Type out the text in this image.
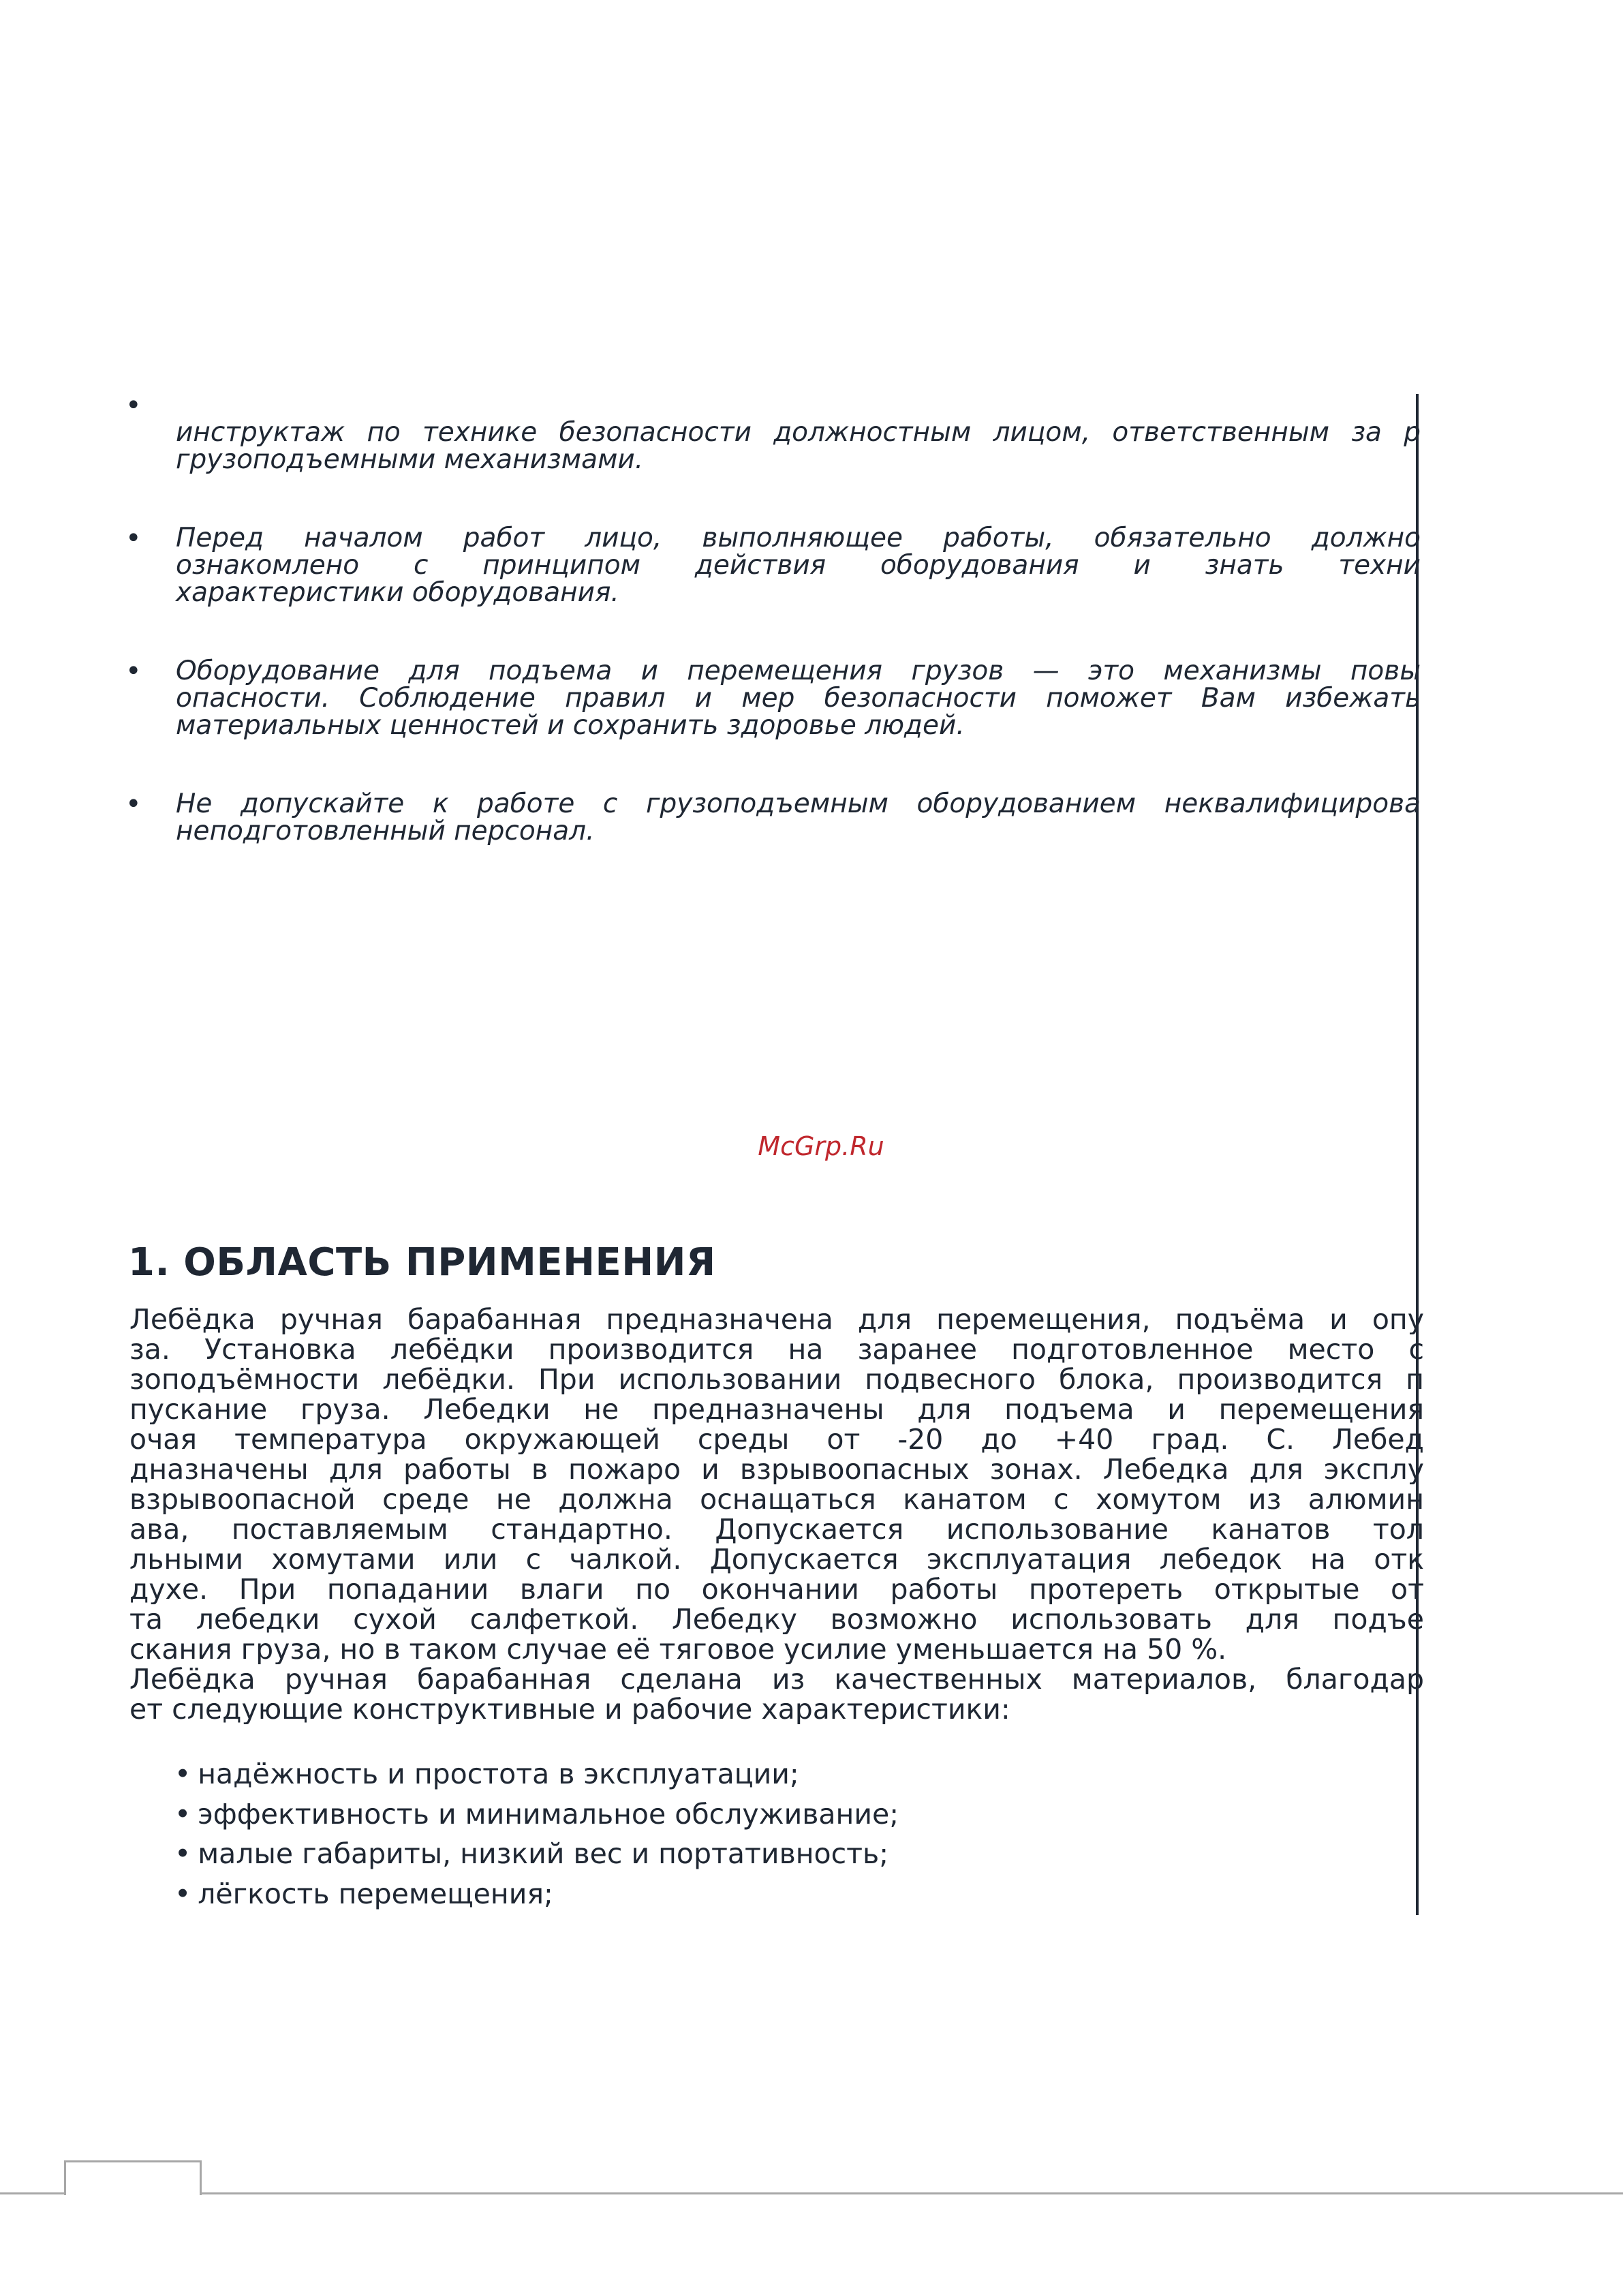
•
инструктаж по технике безопасности должностным лицом, ответственным за р
грузоподъемными механизмами.
• Перед началом работ лицо, выполняющее работы, обязательно должно
ознакомлено с принципом действия оборудования и знать техни
характеристики оборудования.
• Оборудование для подъема и перемещения грузов — это механизмы повы
опасности. Соблюдение правил и мер безопасности поможет Вам избежать
материальных ценностей и сохранить здоровье людей.
• Не допускайте к работе с грузоподъемным оборудованием неквалифицирова
неподготовленный персонал.
McGrp.Ru
1. ОБЛАСТЬ ПРИМЕНЕНИЯ
Лебёдка ручная барабанная предназначена для перемещения, подъёма и опу
за. Установка лебёдки производится на заранее подготовленное место с
зоподъёмности лебёдки. При использовании подвесного блока, производится п
пускание груза. Лебедки не предназначены для подъема и перемещения
очая температура окружающей среды от -20 до +40 град. С. Лебед
дназначены для работы в пожаро и взрывоопасных зонах. Лебедка для эксплу
взрывоопасной среде не должна оснащаться канатом с хомутом из алюмин
ава, поставляемым стандартно. Допускается использование канатов тол
льными хомутами или с чалкой. Допускается эксплуатация лебедок на отк
духе. При попадании влаги по окончании работы протереть открытые от
та лебедки сухой салфеткой. Лебедку возможно использовать для подъе
скания груза, но в таком случае её тяговое усилие уменьшается на 50 %.
Лебёдка ручная барабанная сделана из качественных материалов, благодар
ет следующие конструктивные и рабочие характеристики:
• надёжность и простота в эксплуатации;
• эффективность и минимальное обслуживание;
• малые габариты, низкий вес и портативность;
• лёгкость перемещения;
